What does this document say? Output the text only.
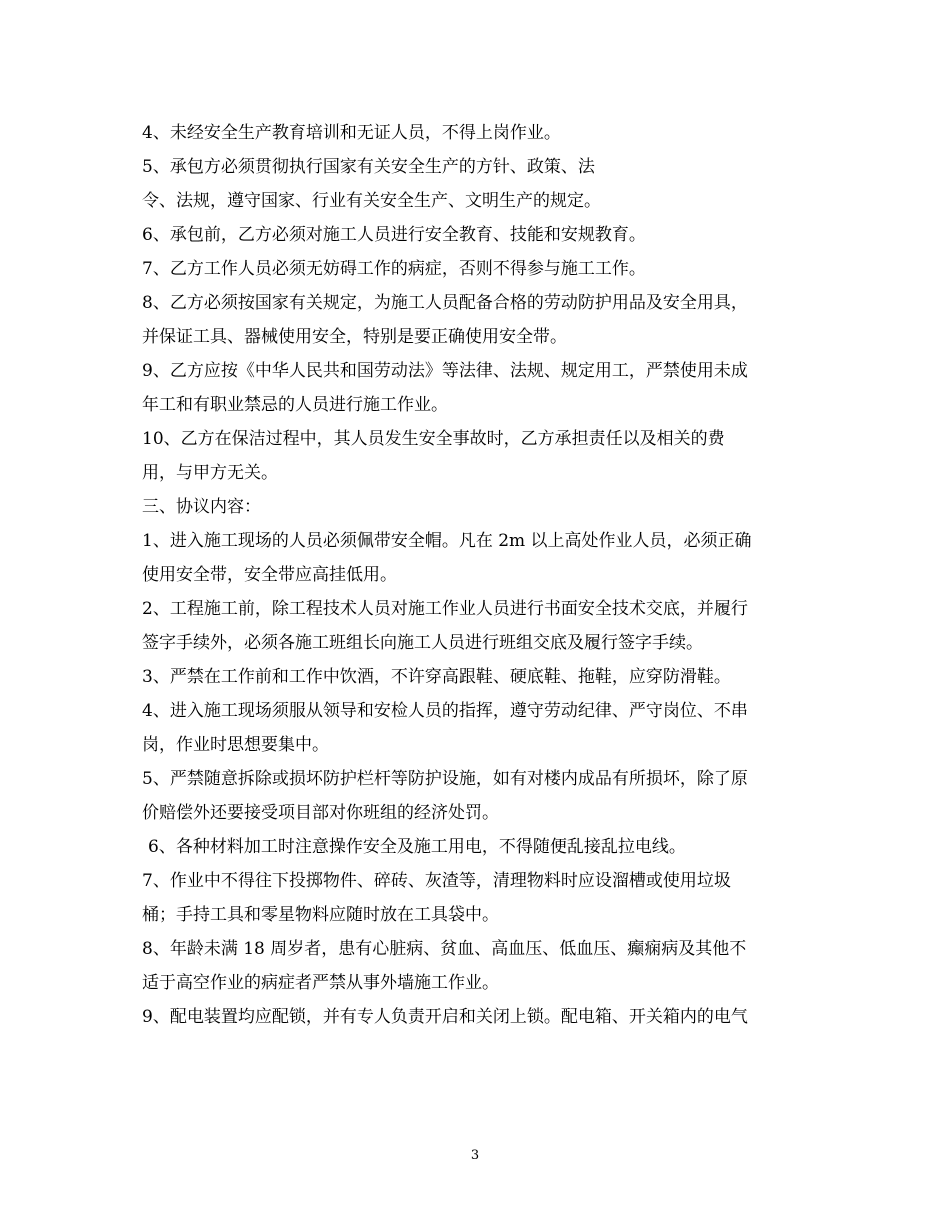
4、未经安全生产教育培训和无证人员，不得上岗作业。
5、承包方必须贯彻执行国家有关安全生产的方针、政策、法
令、法规，遵守国家、行业有关安全生产、文明生产的规定。
6、承包前，乙方必须对施工人员进行安全教育、技能和安规教育。
7、乙方工作人员必须无妨碍工作的病症，否则不得参与施工工作。
8、乙方必须按国家有关规定，为施工人员配备合格的劳动防护用品及安全用具，
并保证工具、器械使用安全，特别是要正确使用安全带。
9、乙方应按《中华人民共和国劳动法》等法律、法规、规定用工，严禁使用未成
年工和有职业禁忌的人员进行施工作业。
10、乙方在保洁过程中，其人员发生安全事故时，乙方承担责任以及相关的费
用，与甲方无关。
三、协议内容：
1、进入施工现场的人员必须佩带安全帽。凡在 2m 以上高处作业人员，必须正确
使用安全带，安全带应高挂低用。
2、工程施工前，除工程技术人员对施工作业人员进行书面安全技术交底，并履行
签字手续外，必须各施工班组长向施工人员进行班组交底及履行签字手续。
3、严禁在工作前和工作中饮酒，不许穿高跟鞋、硬底鞋、拖鞋，应穿防滑鞋。
4、进入施工现场须服从领导和安检人员的指挥，遵守劳动纪律、严守岗位、不串
岗，作业时思想要集中。
5、严禁随意拆除或损坏防护栏杆等防护设施，如有对楼内成品有所损坏，除了原
价赔偿外还要接受项目部对你班组的经济处罚。
6、各种材料加工时注意操作安全及施工用电，不得随便乱接乱拉电线。
7、作业中不得往下投掷物件、碎砖、灰渣等，清理物料时应设溜槽或使用垃圾
桶；手持工具和零星物料应随时放在工具袋中。
8、年龄未满 18 周岁者，患有心脏病、贫血、高血压、低血压、癫痫病及其他不
适于高空作业的病症者严禁从事外墙施工作业。
9、配电装置均应配锁，并有专人负责开启和关闭上锁。配电箱、开关箱内的电气
3
